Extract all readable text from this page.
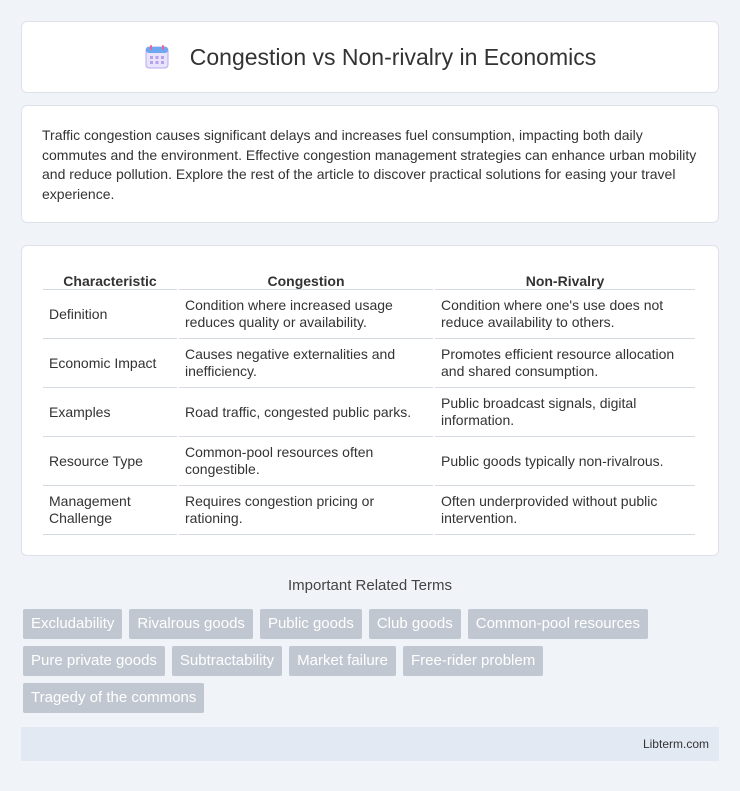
Congestion vs Non-rivalry in Economics

Traffic congestion causes significant delays and increases fuel consumption, impacting both daily commutes and the environment. Effective congestion management strategies can enhance urban mobility and reduce pollution. Explore the rest of the article to discover practical solutions for easing your travel experience.

Characteristic	Congestion	Non-Rivalry
Definition	Condition where increased usage reduces quality or availability.	Condition where one's use does not reduce availability to others.
Economic Impact	Causes negative externalities and inefficiency.	Promotes efficient resource allocation and shared consumption.
Examples	Road traffic, congested public parks.	Public broadcast signals, digital information.
Resource Type	Common-pool resources often congestible.	Public goods typically non-rivalrous.
Management Challenge	Requires congestion pricing or rationing.	Often underprovided without public intervention.
Important Related Terms
Excludability	Rivalrous goods	Public goods	Club goods	Common-pool resources
Pure private goods	Subtractability	Market failure	Free-rider problem
Tragedy of the commons
Libterm.com
